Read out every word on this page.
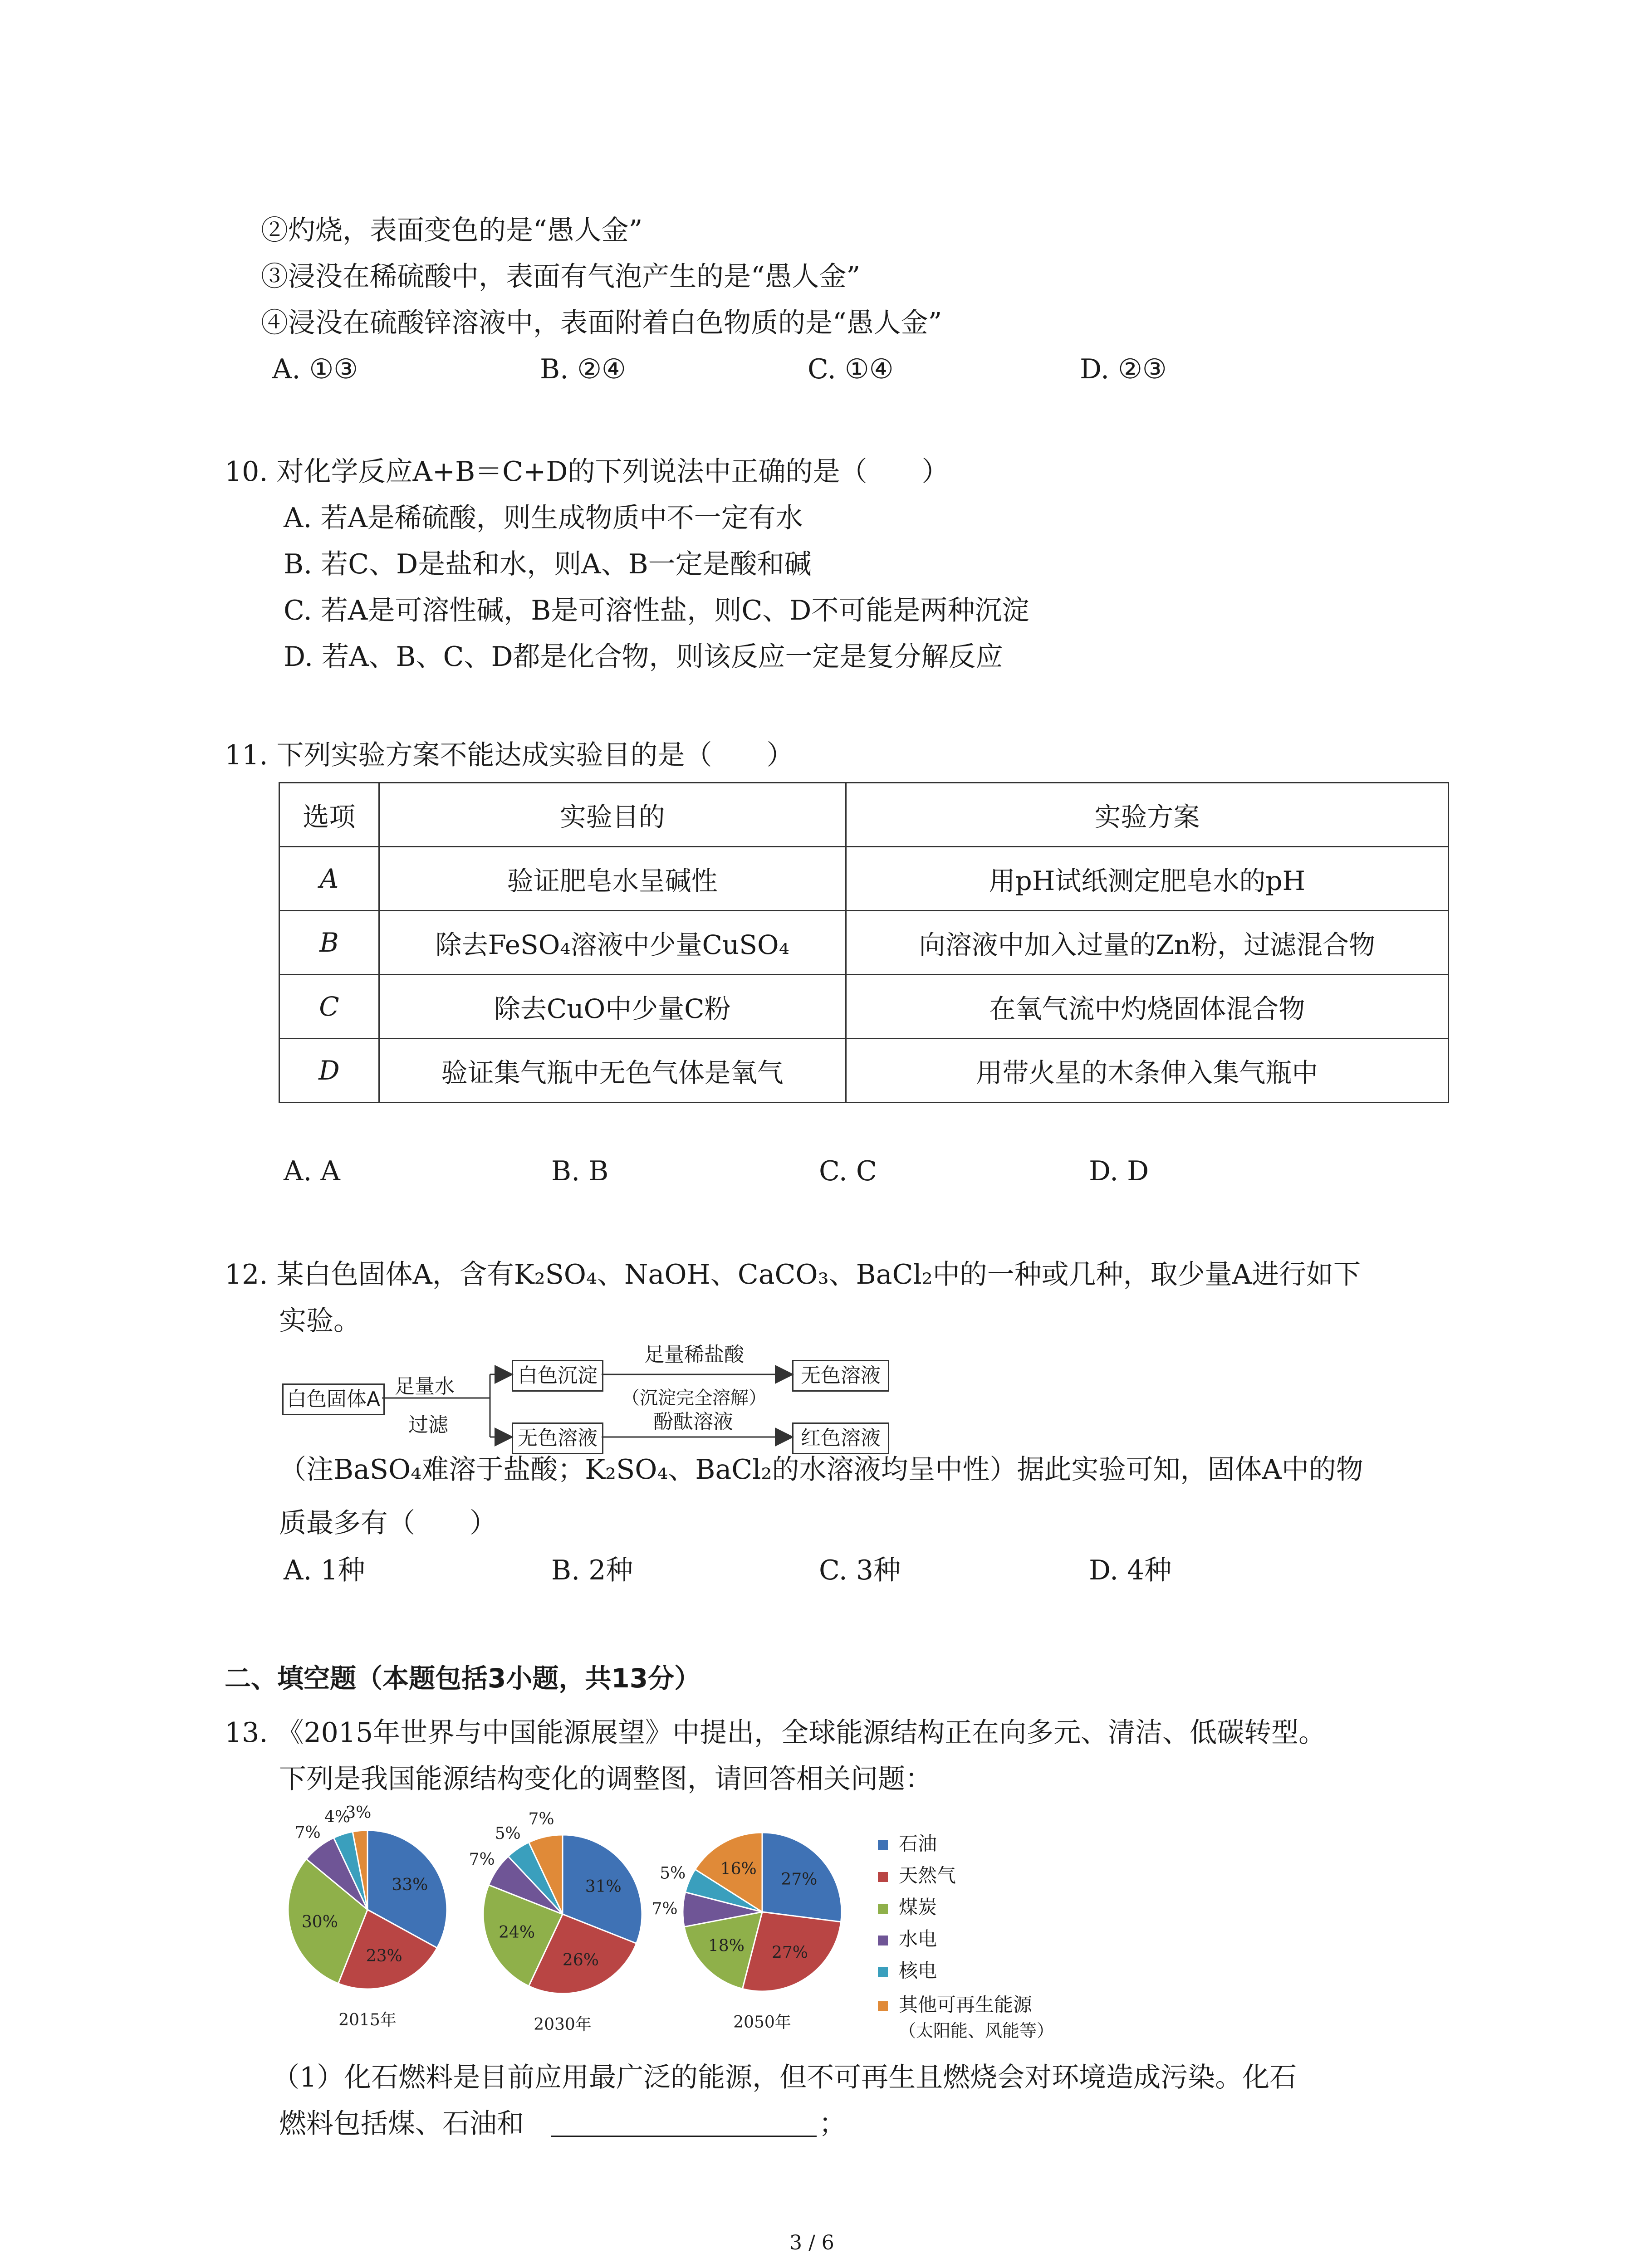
②灼烧，表面变色的是“愚人金”
③浸没在稀硫酸中，表面有气泡产生的是“愚人金”
④浸没在硫酸锌溶液中，表面附着白色物质的是“愚人金”
A. ①③	B. ②④	C. ①④	D. ②③
10. 对化学反应A+B＝C+D的下列说法中正确的是（　　）
A. 若A是稀硫酸，则生成物质中不一定有水
B. 若C、D是盐和水，则A、B一定是酸和碱
C. 若A是可溶性碱，B是可溶性盐，则C、D不可能是两种沉淀
D. 若A、B、C、D都是化合物，则该反应一定是复分解反应
11. 下列实验方案不能达成实验目的是（　　）
选项	实验目的	实验方案
A	验证肥皂水呈碱性	用pH试纸测定肥皂水的pH
B	除去FeSO₄溶液中少量CuSO₄	向溶液中加入过量的Zn粉，过滤混合物
C	除去CuO中少量C粉	在氧气流中灼烧固体混合物
D	验证集气瓶中无色气体是氧气	用带火星的木条伸入集气瓶中
A. A	B. B	C. C	D. D
12. 某白色固体A，含有K₂SO₄、NaOH、CaCO₃、BaCl₂中的一种或几种，取少量A进行如下
实验。
白色固体A
足量水
过滤
白色沉淀
无色溶液
足量稀盐酸
（沉淀完全溶解）
酚酞溶液
无色溶液
红色溶液
（注BaSO₄难溶于盐酸；K₂SO₄、BaCl₂的水溶液均呈中性）据此实验可知，固体A中的物
质最多有（　　）
A. 1种	B. 2种	C. 3种	D. 4种
二、填空题（本题包括3小题，共13分）
13. 《2015年世界与中国能源展望》中提出，全球能源结构正在向多元、清洁、低碳转型。
下列是我国能源结构变化的调整图，请回答相关问题：
33%
23%
30%
7%
4%
3%
2015年
31%
26%
24%
7%
5%
7%
2030年
27%
27%
18%
7%
5% 16%
2050年
石油
天然气
煤炭
水电
核电
其他可再生能源
（太阳能、风能等）
（1）化石燃料是目前应用最广泛的能源，但不可再生且燃烧会对环境造成污染。化石
燃料包括煤、石油和	；
3 / 6
